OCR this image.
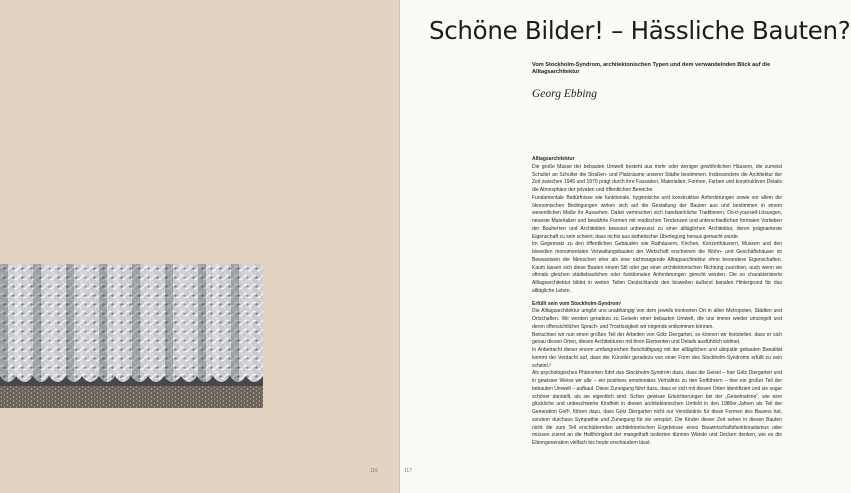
116	117
Schöne Bilder! – Hässliche Bauten?

Vom Stockholm-Syndrom, architektonischen Typen und dem verwandelnden Blick auf die Alltagsarchitektur

Georg Ebbing

Alltagsarchitektur

Die große Masse der bebauten Umwelt besteht aus mehr oder weniger gewöhnlichen Häusern, die zumeist Schulter an Schulter die Straßen- und Platzräume unserer Städte bestimmen. Insbesondere die Architektur der Zeit zwischen 1945 und 1970 prägt durch ihre Fassaden, Materialien, Formen, Farben und konstruktiven Details die Atmosphäre der privaten und öffentlichen Bereiche.

Fundamentale Bedürfnisse wie funktionale, hygienische und konstruktive Anforderungen sowie vor allem die ökonomischen Bedingungen wirken sich auf die Gestaltung der Bauten aus und bestimmen in einem wesentlichen Maße ihr Aussehen. Dabei vermischen sich handwerkliche Traditionen, Do-it-yourself-Lösungen, neueste Materialien und bewährte Formen mit modischen Tendenzen und unterschiedlichen formalen Vorlieben der Bauherren und Architekten bewusst unbewusst zu einer alltäglichen Architektur, deren prägnanteste Eigenschaft zu sein scheint, dass nichts aus ästhetischer Überlegung heraus gemacht wurde.

Im Gegensatz zu den öffentlichen Gebäuden wie Rathäusern, Kirchen, Konzerthäusern, Museen und den bisweilen monumentalen Verwaltungsbauten der Wirtschaft erscheinen die Wohn- und Geschäftshäuser im Bewusstsein der Menschen eher als eine nichtssagende Alltagsarchitektur ohne besondere Eigenschaften. Kaum lassen sich diese Bauten einem Stil oder gar einer architektonischen Richtung zuordnen, auch wenn sie oftmals gleichen städtebaulichen oder funktionalen Anforderungen gerecht werden. Die so charakterisierte Alltagsarchitektur bildet in weiten Teilen Deutschlands den bisweilen äußerst banalen Hintergrund für das alltägliche Leben.

Erfüllt sein vom Stockholm-Syndrom¹

Die Alltagsarchitektur umgibt uns unabhängig von dem jeweils konkreten Ort in allen Metropolen, Städten und Ortschaften. Wir werden geradezu zu Geiseln einer bebauten Umwelt, die uns immer wieder umzingelt und deren offensichtlicher Sprach- und Trostlosigkeit wir nirgends entkommen können.

Betrachten wir nun einen großen Teil der Arbeiten von Götz Diergarten, so können wir feststellen, dass er sich genau diesen Orten, diesen Architekturen mit ihren Elementen und Details ausführlich widmet.

In Anbetracht dieser enorm umfangreichen Beschäftigung mit der alltäglichen und ubiquitär gebauten Banalität kommt der Verdacht auf, dass der Künstler geradezu von einer Form des Stockholm-Syndroms erfüllt zu sein scheint.²

Als psychologisches Phänomen führt das Stockholm-Syndrom dazu, dass die Geisel – hier Götz Diergarten und in gewisser Weise wir alle – ein positives emotionales Verhältnis zu den Entführern – hier ein großer Teil der bebauten Umwelt – aufbaut. Diese Zuneigung führt dazu, dass er sich mit diesen Orten identifiziert und sie sogar schöner darstellt, als sie eigentlich sind. Schon gewisse Erleichterungen bei der „Geiselnahme“, wie eine glückliche und unbeschwerte Kindheit in diesen architektonischen Umfeld in den 1980er-Jahren als Teil der Generation Golf³, führen dazu, dass Götz Diergarten nicht nur Verständnis für diese Formen des Bauens hat, sondern durchaus Sympathie und Zuneigung für sie verspürt. Die Kinder dieser Zeit sehen in diesen Bauten nicht die zum Teil erschütternden architektonischen Ergebnisse eines Bauwirtschaftsfunktionalismus oder müssen zuerst an die Heillhörigkeit der mangelhaft isolierten dünnen Wände und Decken denken, wie es die Elterngeneration vielfach bis heute erschaudern lässt.
